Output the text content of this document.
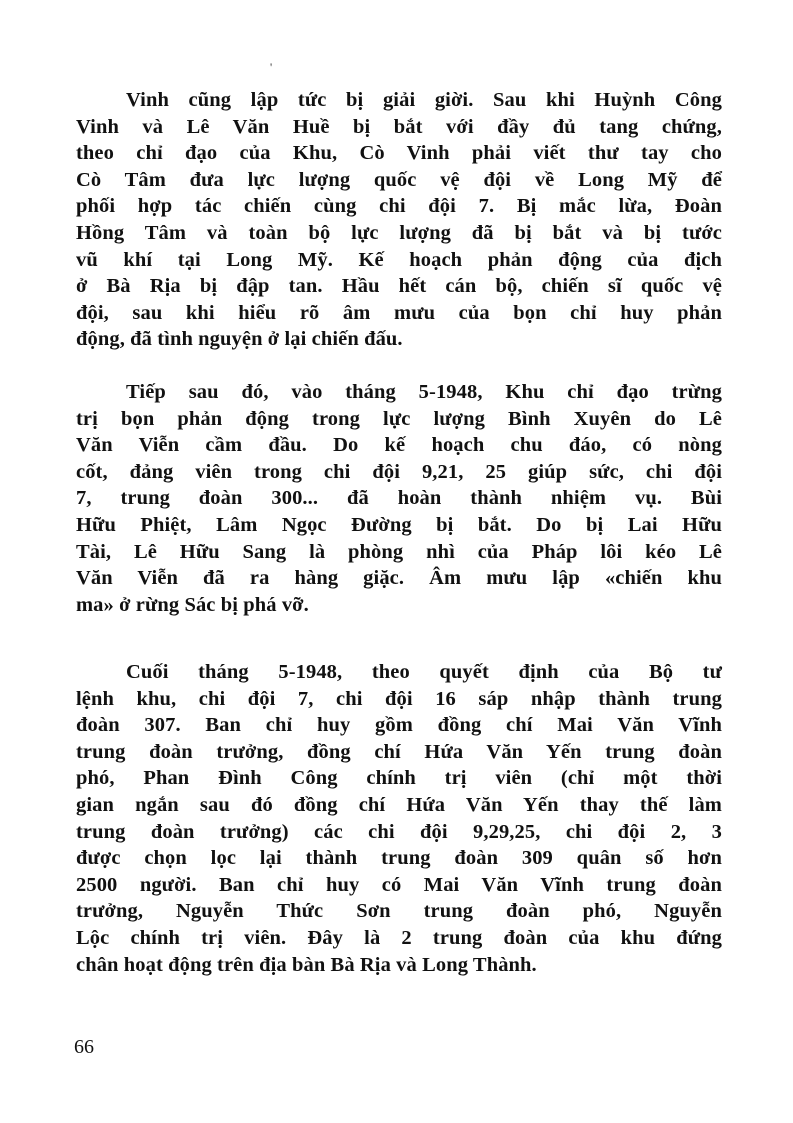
'
Vinh cũng lập tức bị giải giời. Sau khi Huỳnh Công
Vinh và Lê Văn Huề bị bắt với đầy đủ tang chứng,
theo chỉ đạo của Khu, Cò Vinh phải viết thư tay cho
Cò Tâm đưa lực lượng quốc vệ đội về Long Mỹ để
phối hợp tác chiến cùng chi đội 7. Bị mắc lừa, Đoàn
Hồng Tâm và toàn bộ lực lượng đã bị bắt và bị tước
vũ khí tại Long Mỹ. Kế hoạch phản động của địch
ở Bà Rịa bị đập tan. Hầu hết cán bộ, chiến sĩ quốc vệ
đội, sau khi hiểu rõ âm mưu của bọn chỉ huy phản
động, đã tình nguyện ở lại chiến đấu.
Tiếp sau đó, vào tháng 5-1948, Khu chỉ đạo trừng
trị bọn phản động trong lực lượng Bình Xuyên do Lê
Văn Viễn cầm đầu. Do kế hoạch chu đáo, có nòng
cốt, đảng viên trong chi đội 9,21, 25 giúp sức, chi đội
7, trung đoàn 300... đã hoàn thành nhiệm vụ. Bùi
Hữu Phiệt, Lâm Ngọc Đường bị bắt. Do bị Lai Hữu
Tài, Lê Hữu Sang là phòng nhì của Pháp lôi kéo Lê
Văn Viễn đã ra hàng giặc. Âm mưu lập «chiến khu
ma» ở rừng Sác bị phá vỡ.
Cuối tháng 5-1948, theo quyết định của Bộ tư
lệnh khu, chi đội 7, chi đội 16 sáp nhập thành trung
đoàn 307. Ban chỉ huy gồm đồng chí Mai Văn Vĩnh
trung đoàn trưởng, đồng chí Hứa Văn Yến trung đoàn
phó, Phan Đình Công chính trị viên (chỉ một thời
gian ngắn sau đó đồng chí Hứa Văn Yến thay thế làm
trung đoàn trưởng) các chi đội 9,29,25, chi đội 2, 3
được chọn lọc lại thành trung đoàn 309 quân số hơn
2500 người. Ban chỉ huy có Mai Văn Vĩnh trung đoàn
trưởng, Nguyễn Thức Sơn trung đoàn phó, Nguyễn
Lộc chính trị viên. Đây là 2 trung đoàn của khu đứng
chân hoạt động trên địa bàn Bà Rịa và Long Thành.
66
